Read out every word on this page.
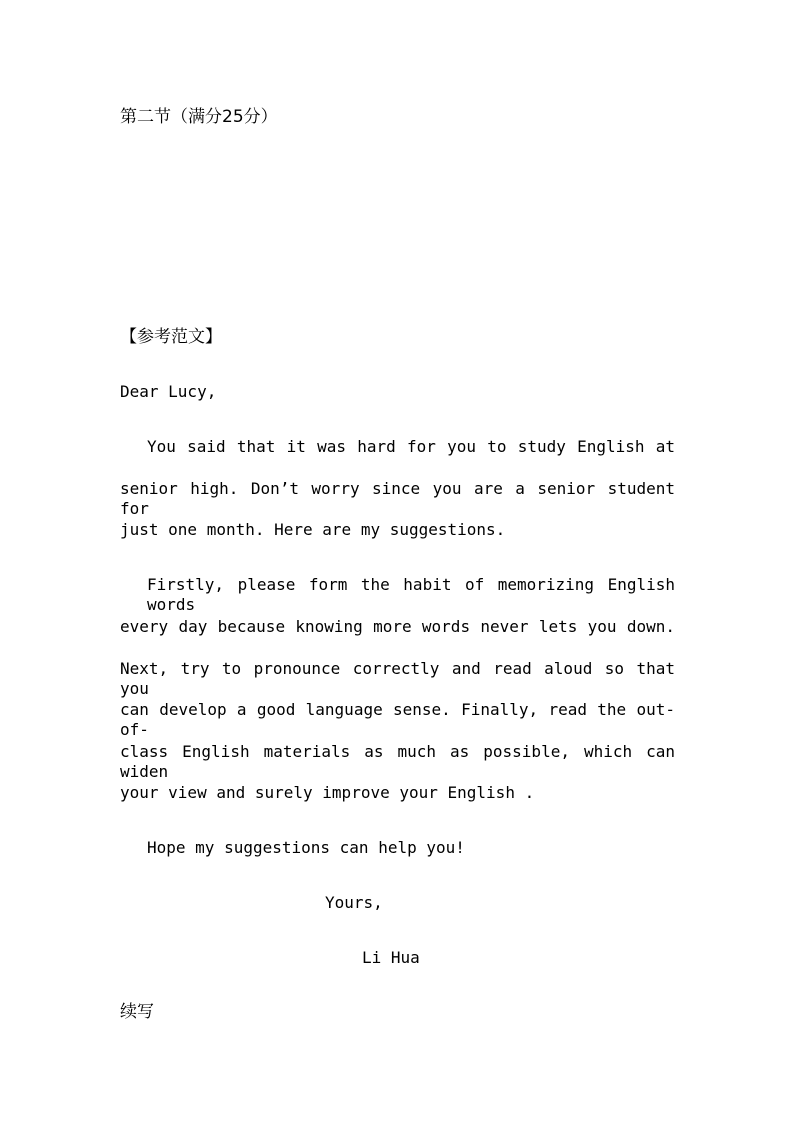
第二节（满分25分）
【参考范文】
Dear Lucy,
You said that it was hard for you to study English at
senior high. Don’t worry since you are a senior student for
just one month. Here are my suggestions.
Firstly, please form the habit of memorizing English words
every day because knowing more words never lets you down.
Next, try to pronounce correctly and read aloud so that you
can develop a good language sense. Finally, read the out-of-
class English materials as much as possible, which can widen
your view and surely improve your English .
Hope my suggestions can help you!
Yours,
Li Hua
续写
